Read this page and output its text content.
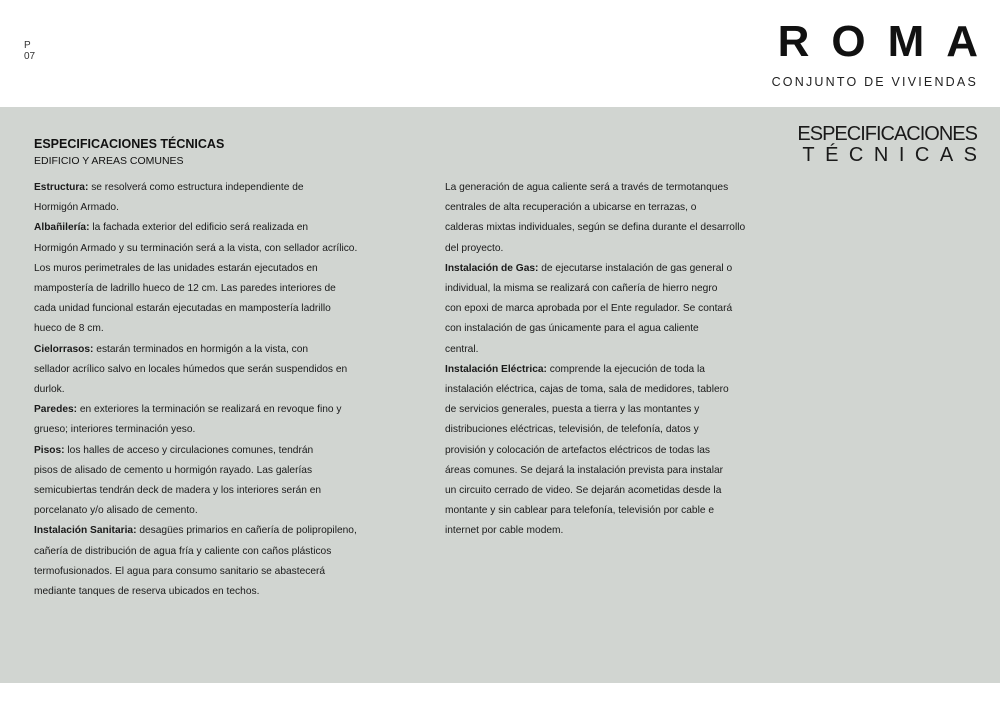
P
07	ROMA
CONJUNTO DE VIVIENDAS
ESPECIFICACIONES TÉCNICAS
EDIFICIO Y AREAS COMUNES
ESPECIFICACIONES
TÉCNICAS

Estructura: se resolverá como estructura independiente de

Hormigón Armado.

Albañilería: la fachada exterior del edificio será realizada en

Hormigón Armado y su terminación será a la vista, con sellador acrílico.

Los muros perimetrales de las unidades estarán ejecutados en

mampostería de ladrillo hueco de 12 cm. Las paredes interiores de

cada unidad funcional estarán ejecutadas en mampostería ladrillo

hueco de 8 cm.

Cielorrasos: estarán terminados en hormigón a la vista, con

sellador acrílico salvo en locales húmedos que serán suspendidos en

durlok.

Paredes: en exteriores la terminación se realizará en revoque fino y

grueso; interiores terminación yeso.

Pisos: los halles de acceso y circulaciones comunes, tendrán

pisos de alisado de cemento u hormigón rayado. Las galerías

semicubiertas tendrán deck de madera y los interiores serán en

porcelanato y/o alisado de cemento.

Instalación Sanitaria: desagües primarios en cañería de polipropileno,

cañería de distribución de agua fría y caliente con caños plásticos

termofusionados. El agua para consumo sanitario se abastecerá

mediante tanques de reserva ubicados en techos.

La generación de agua caliente será a través de termotanques

centrales de alta recuperación a ubicarse en terrazas, o

calderas mixtas individuales, según se defina durante el desarrollo

del proyecto.

Instalación de Gas: de ejecutarse instalación de gas general o

individual, la misma se realizará con cañería de hierro negro

con epoxi de marca aprobada por el Ente regulador. Se contará

con instalación de gas únicamente para el agua caliente

central.

Instalación Eléctrica: comprende la ejecución de toda la

instalación eléctrica, cajas de toma, sala de medidores, tablero

de servicios generales, puesta a tierra y las montantes y

distribuciones eléctricas, televisión, de telefonía, datos y

provisión y colocación de artefactos eléctricos de todas las

áreas comunes. Se dejará la instalación prevista para instalar

un circuito cerrado de video. Se dejarán acometidas desde la

montante y sin cablear para telefonía, televisión por cable e

internet por cable modem.
